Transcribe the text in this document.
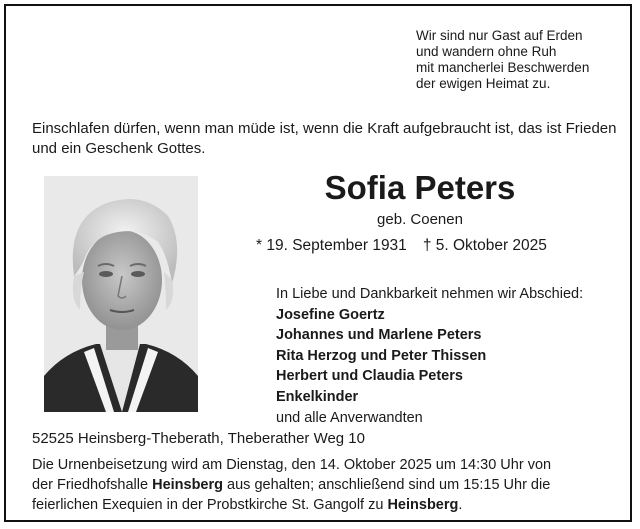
Wir sind nur Gast auf Erden
und wandern ohne Ruh
mit mancherlei Beschwerden
der ewigen Heimat zu.
Einschlafen dürfen, wenn man müde ist, wenn die Kraft aufgebraucht ist, das ist Frieden und ein Geschenk Gottes.
Sofia Peters
geb. Coenen
* 19. September 1931 † 5. Oktober 2025
In Liebe und Dankbarkeit nehmen wir Abschied:
Josefine Goertz
Johannes und Marlene Peters
Rita Herzog und Peter Thissen
Herbert und Claudia Peters
Enkelkinder
und alle Anverwandten
52525 Heinsberg-Theberath, Theberather Weg 10
Die Urnenbeisetzung wird am Dienstag, den 14. Oktober 2025 um 14:30 Uhr von
der Friedhofshalle Heinsberg aus gehalten; anschließend sind um 15:15 Uhr die
feierlichen Exequien in der Probstkirche St. Gangolf zu Heinsberg.
